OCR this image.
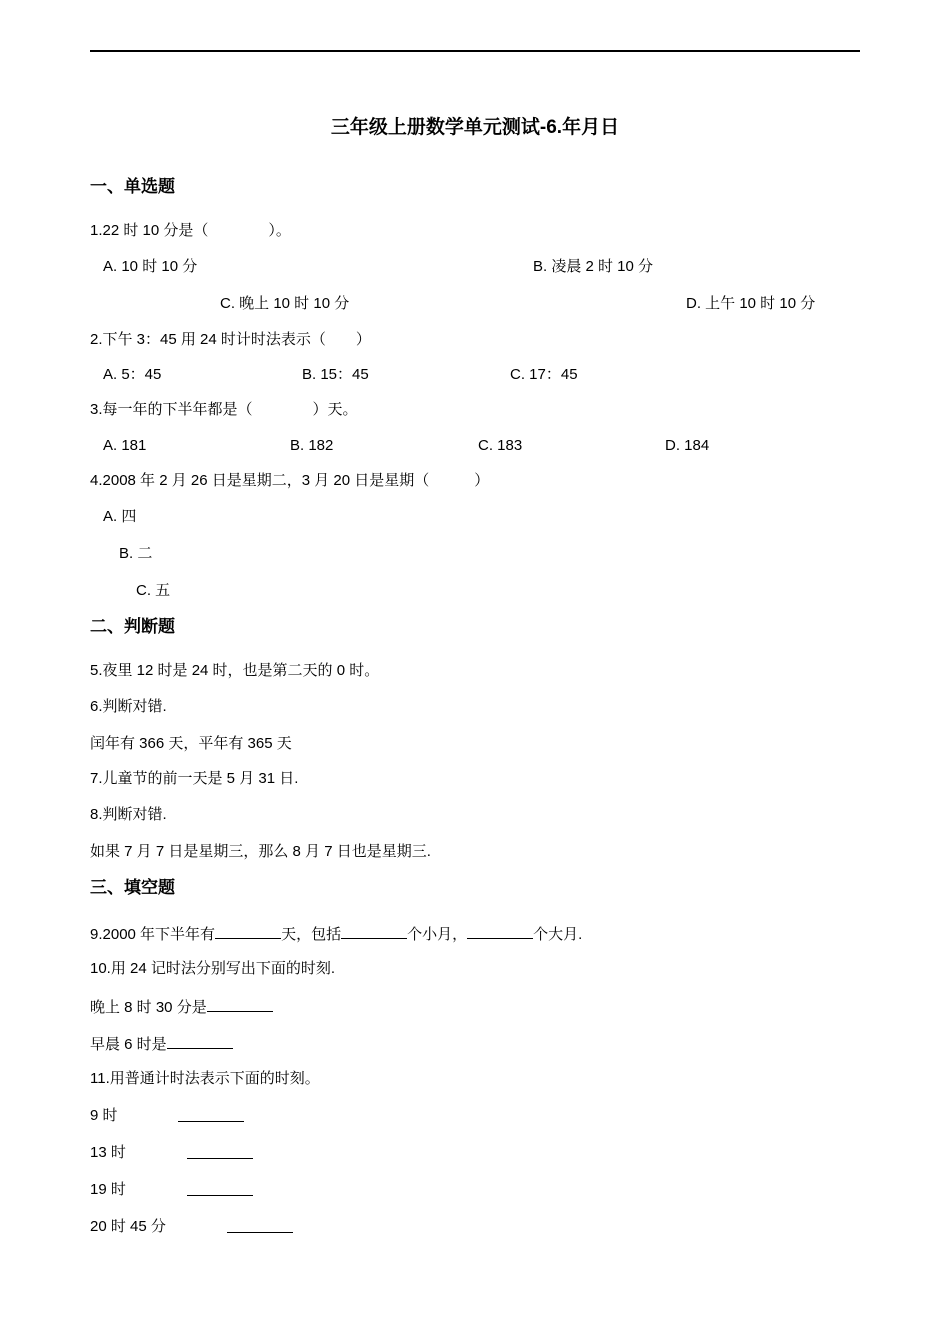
三年级上册数学单元测试-6.年月日
一、单选题
1.22 时 10 分是（　　　　）。
A. 10 时 10 分	B. 凌晨 2 时 10 分
C. 晚上 10 时 10 分	D. 上午 10 时 10 分
2.下午 3：45 用 24 时计时法表示（　　）
A. 5：45	B. 15：45	C. 17：45
3.每一年的下半年都是（　　　　）天。
A. 181	B. 182	C. 183	D. 184
4.2008 年 2 月 26 日是星期二，3 月 20 日是星期（　　　）
A. 四
B. 二
C. 五
二、判断题
5.夜里 12 时是 24 时，也是第二天的 0 时。
6.判断对错.
闰年有 366 天，平年有 365 天
7.儿童节的前一天是 5 月 31 日.
8.判断对错.
如果 7 月 7 日是星期三，那么 8 月 7 日也是星期三.
三、填空题
9.2000 年下半年有	天，包括	个小月，	个大月.
10.用 24 记时法分别写出下面的时刻.
晚上 8 时 30 分是
早晨 6 时是
11.用普通计时法表示下面的时刻。
9 时
13 时
19 时
20 时 45 分
